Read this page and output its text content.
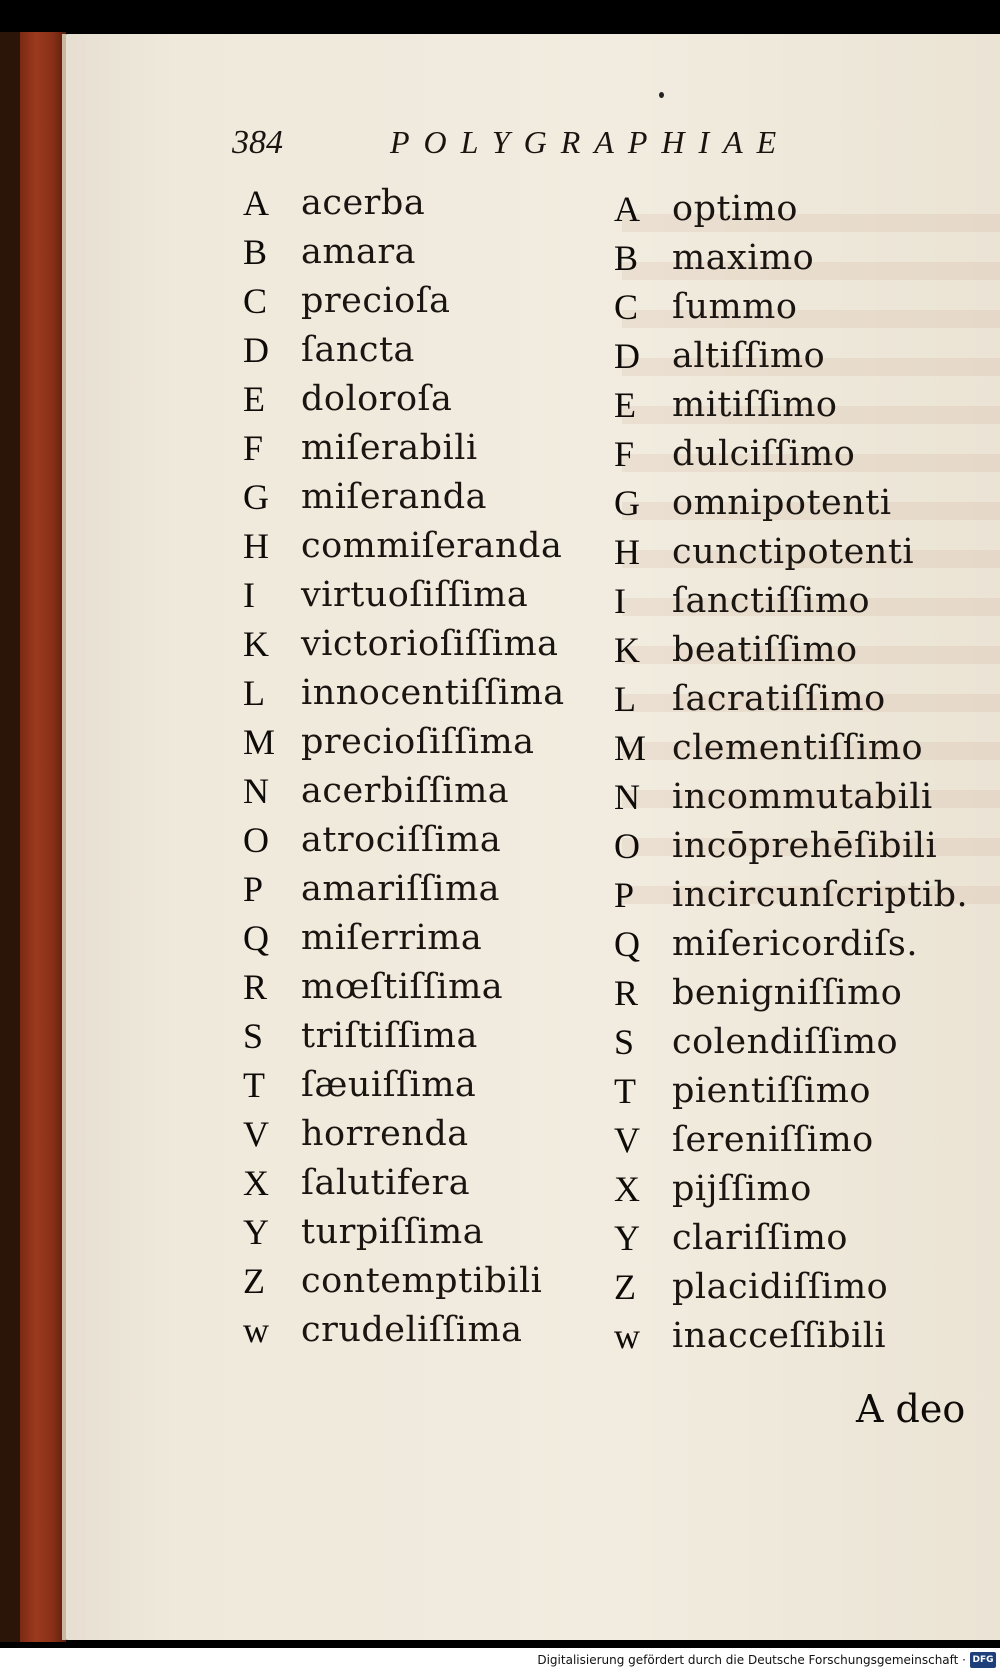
384	POLYGRAPHIAE
A acerba
B amara
C precioſa
D ſancta
E	doloroſa
F	miſerabili
G miſeranda
H commiſeranda
I	virtuoſiſſima
K victorioſiſſima
L	innocentiſſima
M precioſiſſima
N acerbiſſima
O atrociſſima
P	amariſſima
Q miſerrima
R mœſtiſſima
S	triſtiſſima
T	ſæuiſſima
V horrenda
X ſalutifera
Y turpiſſima
Z	contemptibili
w crudeliſſima
A optimo
B maximo
C ſummo
D altiſſimo
E	mitiſſimo
F	dulciſſimo
G omnipotenti
H cunctipotenti
I	ſanctiſſimo
K beatiſſimo
L	ſacratiſſimo
M clementiſſimo
N incommutabili
O incōprehēſibili
P	incircunſcriptib.
Q miſericordiſs.
R benigniſſimo
S	colendiſſimo
T	pientiſſimo
V ſereniſſimo
X pijſſimo
Y clariſſimo
Z	placidiſſimo
w inacceſſibili
A deo
Digitalisierung gefördert durch die Deutsche Forschungsgemeinschaft · DFG
